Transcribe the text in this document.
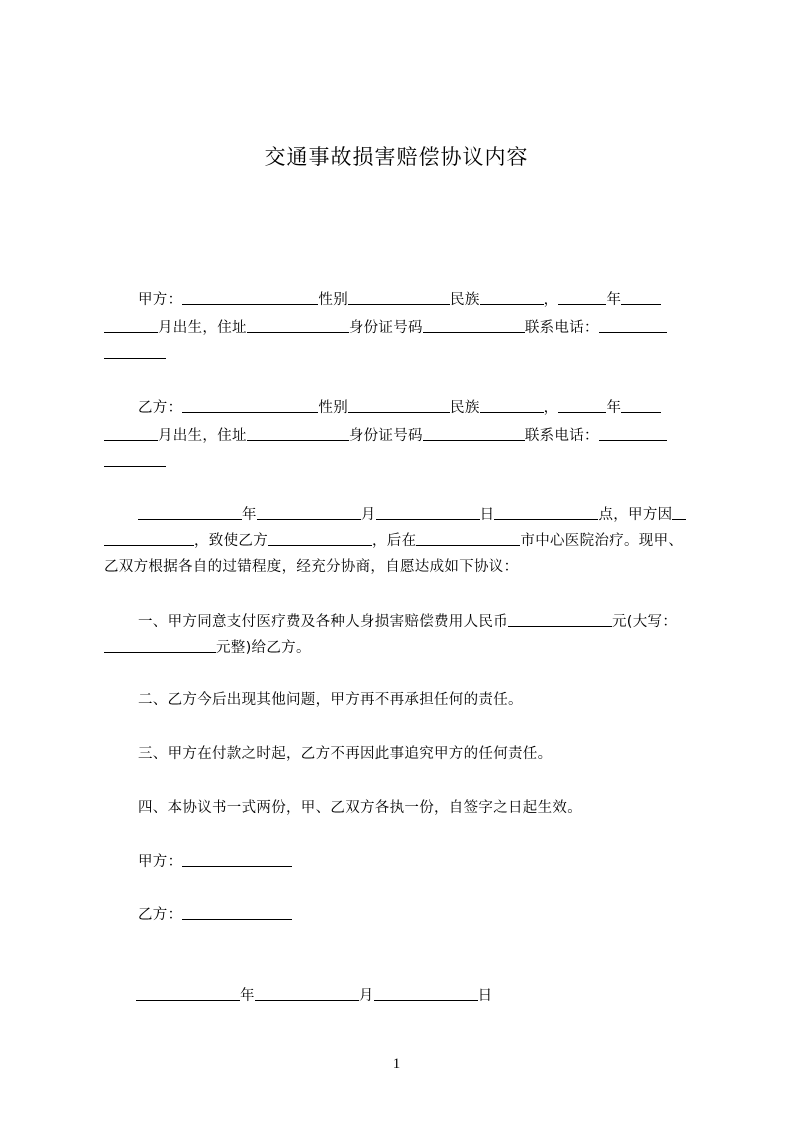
交通事故损害赔偿协议内容
甲方：	性别	民族	，	年
月出生，住址	身份证号码	联系电话：
乙方：	性别	民族	，	年
月出生，住址	身份证号码	联系电话：
年	月	日	点，甲方因
，致使乙方	，后在	市中心医院治疗。现甲、
乙双方根据各自的过错程度，经充分协商，自愿达成如下协议：
一、甲方同意支付医疗费及各种人身损害赔偿费用人民币	元(大写：
元整)给乙方。
二、乙方今后出现其他问题，甲方再不再承担任何的责任。
三、甲方在付款之时起，乙方不再因此事追究甲方的任何责任。
四、本协议书一式两份，甲、乙双方各执一份，自签字之日起生效。
甲方：
乙方：
年	月	日
1
